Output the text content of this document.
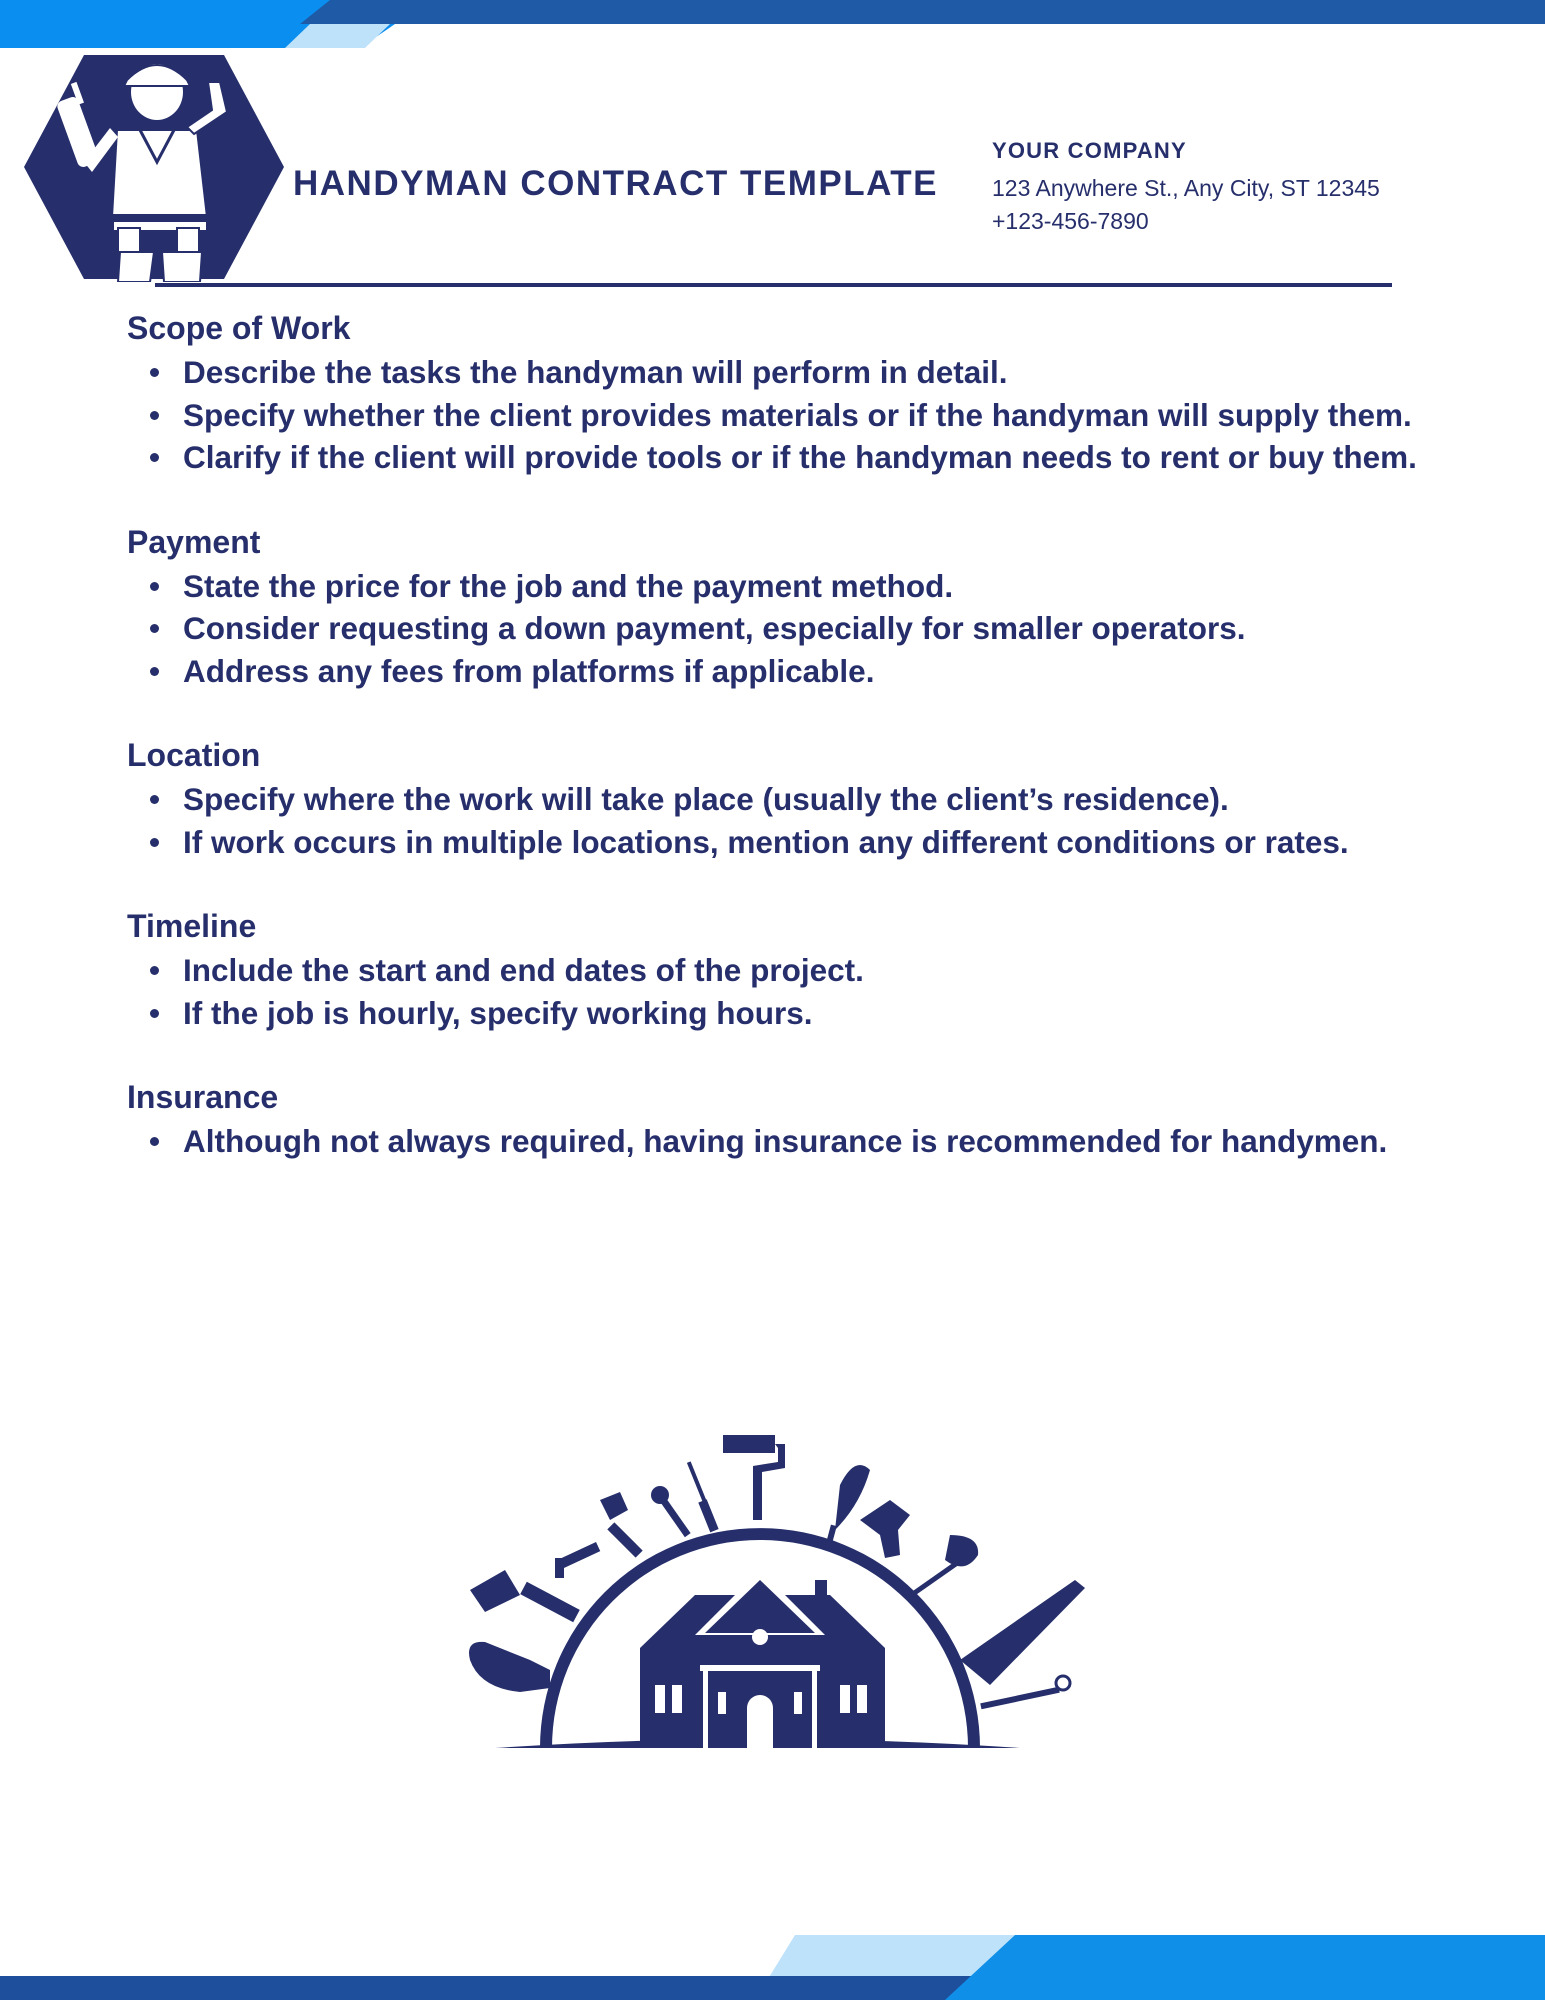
HANDYMAN CONTRACT TEMPLATE
YOUR COMPANY
123 Anywhere St., Any City, ST 12345
+123-456-7890
Scope of Work
Describe the tasks the handyman will perform in detail.
Specify whether the client provides materials or if the handyman will supply them.
Clarify if the client will provide tools or if the handyman needs to rent or buy them.
Payment
State the price for the job and the payment method.
Consider requesting a down payment, especially for smaller operators.
Address any fees from platforms if applicable.
Location
Specify where the work will take place (usually the client’s residence).
If work occurs in multiple locations, mention any different conditions or rates.
Timeline
Include the start and end dates of the project.
If the job is hourly, specify working hours.
Insurance
Although not always required, having insurance is recommended for handymen.
